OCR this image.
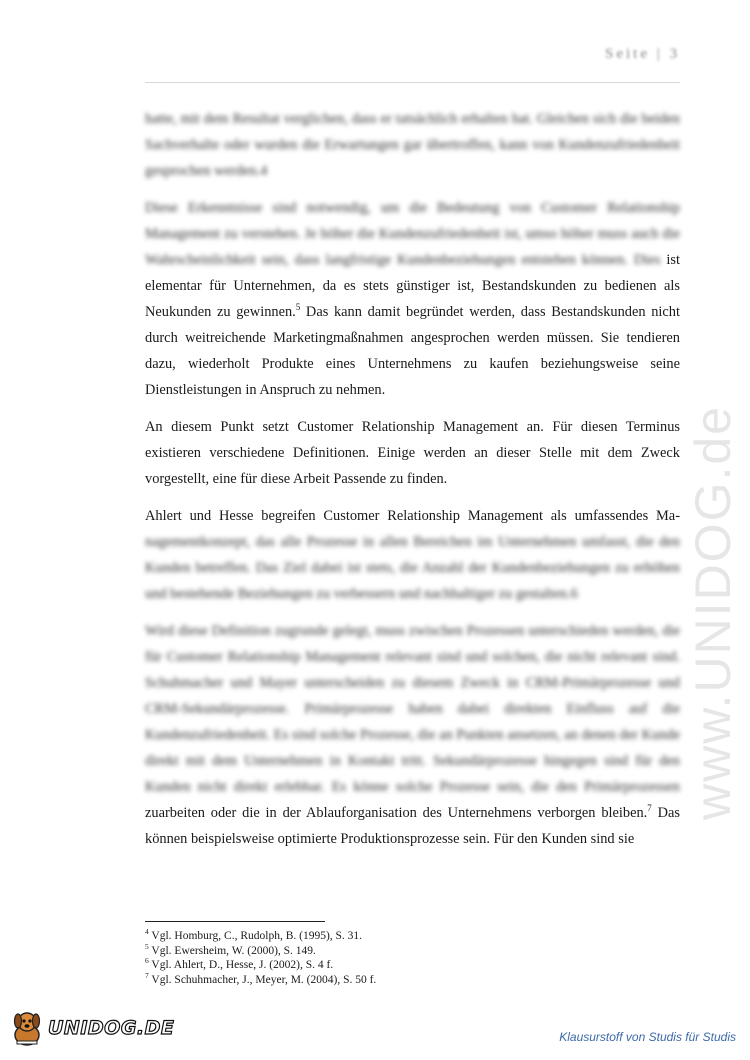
Seite | 3
www.UNIDOG.de

hatte, mit dem Resultat verglichen, dass er tatsächlich erhalten hat. Gleichen sich die beiden Sachverhalte oder wurden die Erwartungen gar übertroffen, kann von Kundenzufriedenheit gesprochen werden.4

Diese Erkenntnisse sind notwendig, um die Bedeutung von Customer Relationship Management zu verstehen. Je höher die Kundenzufriedenheit ist, umso höher muss auch die Wahrscheinlichkeit sein, dass langfristige Kundenbeziehungen entstehen können. Dies ist elementar für Unternehmen, da es stets günstiger ist, Bestandskunden zu bedienen als Neukunden zu gewinnen.$^5$ Das kann damit begründet werden, dass Bestandskunden nicht durch weitreichende Marketingmaßnahmen angesprochen werden müssen. Sie tendieren dazu, wiederholt Produkte eines Unternehmens zu kaufen beziehungsweise seine Dienstleistungen in Anspruch zu nehmen.

An diesem Punkt setzt Customer Relationship Management an. Für diesen Terminus existieren verschiedene Definitionen. Einige werden an dieser Stelle mit dem Zweck vorgestellt, eine für diese Arbeit Passende zu finden.

Ahlert und Hesse begreifen Customer Relationship Management als umfassendes Ma- nagementkonzept, das alle Prozesse in allen Bereichen im Unternehmen umfasst, die den Kunden betreffen. Das Ziel dabei ist stets, die Anzahl der Kundenbeziehungen zu erhöhen und bestehende Beziehungen zu verbessern und nachhaltiger zu gestalten.6

Wird diese Definition zugrunde gelegt, muss zwischen Prozessen unterschieden werden, die für Customer Relationship Management relevant sind und solchen, die nicht relevant sind. Schuhmacher und Mayer unterscheiden zu diesem Zweck in CRM-Primärprozesse und CRM-Sekundärprozesse. Primärprozesse haben dabei direkten Einfluss auf die Kundenzufriedenheit. Es sind solche Prozesse, die an Punkten ansetzen, an denen der Kunde direkt mit dem Unternehmen in Kontakt tritt. Sekundärprozesse hingegen sind für den Kunden nicht direkt erlebbar. Es könne solche Prozesse sein, die den Primärprozessen zuarbeiten oder die in der Ablauforganisation des Unternehmens verborgen bleiben.$^7$ Das können beispielsweise optimierte Produktionsprozesse sein. Für den Kunden sind sie

$^4$ Vgl. Homburg, C., Rudolph, B. (1995), S. 31.
$^5$ Vgl. Ewersheim, W. (2000), S. 149.
$^6$ Vgl. Ahlert, D., Hesse, J. (2002), S. 4 f.
$^7$ Vgl. Schuhmacher, J., Meyer, M. (2004), S. 50 f.
UNIDOG.DE	Klausurstoff von Studis für Studis
